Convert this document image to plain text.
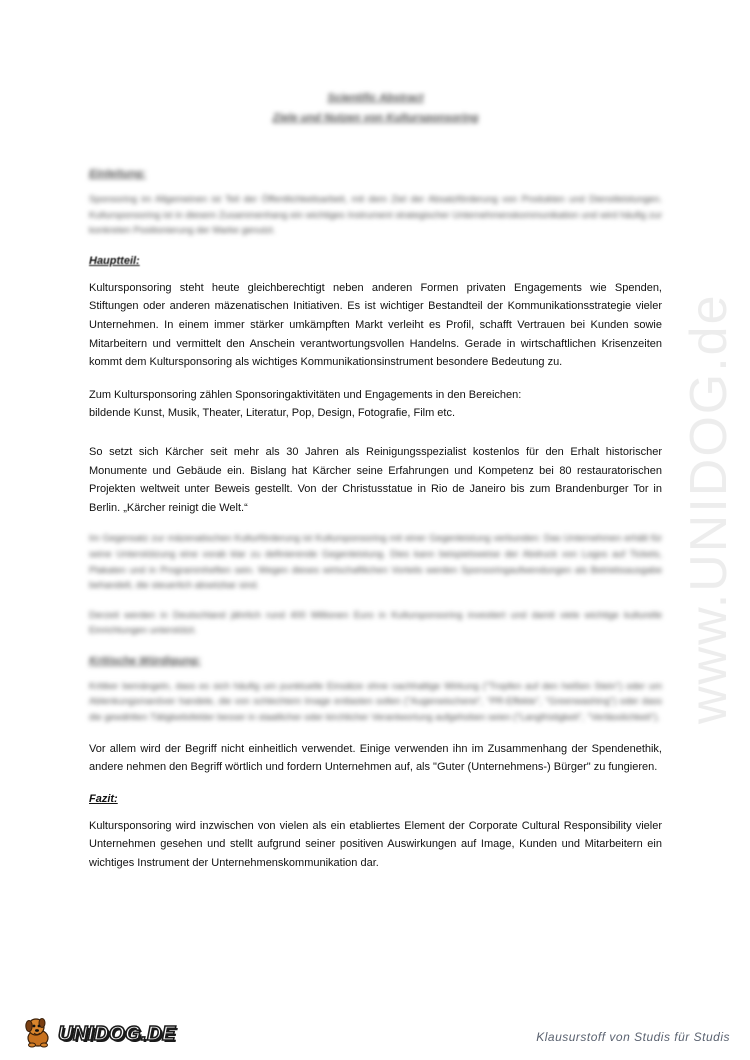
www.UNIDOG.de
Scientific Abstract
Ziele und Nutzen von Kultursponsoring
Einleitung:

Sponsoring im Allgemeinen ist Teil der Öffentlichkeitsarbeit, mit dem Ziel der Absatzförderung von Produkten und Dienstleistungen. Kultursponsoring ist in diesem Zusammenhang ein wichtiges Instrument strategischer Unternehmenskommunikation und wird häufig zur konkreten Positionierung der Marke genutzt.

Hauptteil:

Kultursponsoring steht heute gleichberechtigt neben anderen Formen privaten Engagements wie Spenden, Stiftungen oder anderen mäzenatischen Initiativen. Es ist wichtiger Bestandteil der Kommunikationsstrategie vieler Unternehmen. In einem immer stärker umkämpften Markt verleiht es Profil, schafft Vertrauen bei Kunden sowie Mitarbeitern und vermittelt den Anschein verantwortungsvollen Handelns. Gerade in wirtschaftlichen Krisenzeiten kommt dem Kultursponsoring als wichtiges Kommunikationsinstrument besondere Bedeutung zu.

Zum Kultursponsoring zählen Sponsoringaktivitäten und Engagements in den Bereichen:
bildende Kunst, Musik, Theater, Literatur, Pop, Design, Fotografie, Film etc.

So setzt sich Kärcher seit mehr als 30 Jahren als Reinigungsspezialist kostenlos für den Erhalt historischer Monumente und Gebäude ein. Bislang hat Kärcher seine Erfahrungen und Kompetenz bei 80 restauratorischen Projekten weltweit unter Beweis gestellt. Von der Christusstatue in Rio de Janeiro bis zum Brandenburger Tor in Berlin. „Kärcher reinigt die Welt.“

Im Gegensatz zur mäzenatischen Kulturförderung ist Kultursponsoring mit einer Gegenleistung verbunden: Das Unternehmen erhält für seine Unterstützung eine vorab klar zu definierende Gegenleistung. Dies kann beispielsweise der Abdruck von Logos auf Tickets, Plakaten und in Programmheften sein. Wegen dieses wirtschaftlichen Vorteils werden Sponsoringaufwendungen als Betriebsausgabe behandelt, die steuerlich absetzbar sind.

Derzeit werden in Deutschland jährlich rund 400 Millionen Euro in Kultursponsoring investiert und damit viele wichtige kulturelle Einrichtungen unterstützt.

Kritische Würdigung:

Kritiker bemängeln, dass es sich häufig um punktuelle Einsätze ohne nachhaltige Wirkung ("Tropfen auf den heißen Stein") oder um Ablenkungsmanöver handele, die von schlechtem Image entlasten sollen ("Augenwischerei", "PR-Effekte", "Greenwashing") oder dass die gewählten Tätigkeitsfelder besser in staatlicher oder kirchlicher Verantwortung aufgehoben seien ("Langfristigkeit", "Verlässlichkeit").

Vor allem wird der Begriff nicht einheitlich verwendet. Einige verwenden ihn im Zusammenhang der Spendenethik, andere nehmen den Begriff wörtlich und fordern Unternehmen auf, als "Guter (Unternehmens-) Bürger" zu fungieren.

Fazit:

Kultursponsoring wird inzwischen von vielen als ein etabliertes Element der Corporate Cultural Responsibility vieler Unternehmen gesehen und stellt aufgrund seiner positiven Auswirkungen auf Image, Kunden und Mitarbeitern ein wichtiges Instrument der Unternehmenskommunikation dar.

UNIDOG.DE	Klausurstoff von Studis für Studis
